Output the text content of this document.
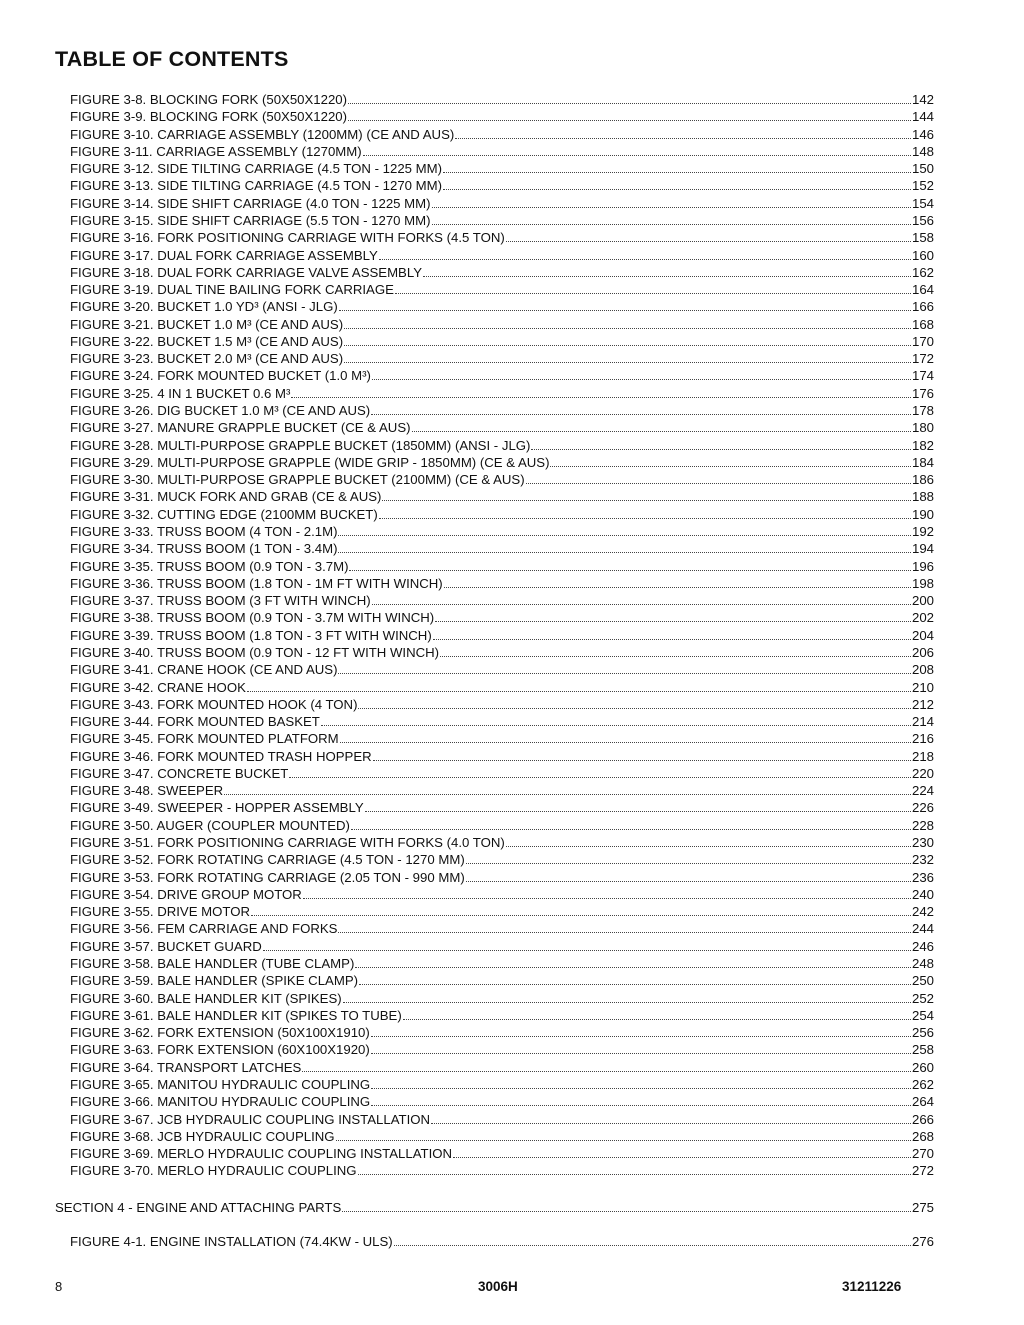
TABLE OF CONTENTS
FIGURE 3-8. BLOCKING FORK (50X50X1220)	142
FIGURE 3-9. BLOCKING FORK (50X50X1220)	144
FIGURE 3-10. CARRIAGE ASSEMBLY (1200MM) (CE AND AUS)	146
FIGURE 3-11. CARRIAGE ASSEMBLY (1270MM)	148
FIGURE 3-12. SIDE TILTING CARRIAGE (4.5 TON - 1225 MM)	150
FIGURE 3-13. SIDE TILTING CARRIAGE (4.5 TON - 1270 MM)	152
FIGURE 3-14. SIDE SHIFT CARRIAGE (4.0 TON - 1225 MM)	154
FIGURE 3-15. SIDE SHIFT CARRIAGE (5.5 TON - 1270 MM)	156
FIGURE 3-16. FORK POSITIONING CARRIAGE WITH FORKS (4.5 TON)	158
FIGURE 3-17. DUAL FORK CARRIAGE ASSEMBLY	160
FIGURE 3-18. DUAL FORK CARRIAGE VALVE ASSEMBLY	162
FIGURE 3-19. DUAL TINE BAILING FORK CARRIAGE	164
FIGURE 3-20. BUCKET 1.0 YD³ (ANSI - JLG)	166
FIGURE 3-21. BUCKET 1.0 M³ (CE AND AUS)	168
FIGURE 3-22. BUCKET 1.5 M³ (CE AND AUS)	170
FIGURE 3-23. BUCKET 2.0 M³ (CE AND AUS)	172
FIGURE 3-24. FORK MOUNTED BUCKET (1.0 M³)	174
FIGURE 3-25. 4 IN 1 BUCKET 0.6 M³	176
FIGURE 3-26. DIG BUCKET 1.0 M³ (CE AND AUS)	178
FIGURE 3-27. MANURE GRAPPLE BUCKET (CE & AUS)	180
FIGURE 3-28. MULTI-PURPOSE GRAPPLE BUCKET (1850MM) (ANSI - JLG)	182
FIGURE 3-29. MULTI-PURPOSE GRAPPLE (WIDE GRIP - 1850MM) (CE & AUS)	184
FIGURE 3-30. MULTI-PURPOSE GRAPPLE BUCKET (2100MM) (CE & AUS)	186
FIGURE 3-31. MUCK FORK AND GRAB (CE & AUS)	188
FIGURE 3-32. CUTTING EDGE (2100MM BUCKET)	190
FIGURE 3-33. TRUSS BOOM (4 TON - 2.1M)	192
FIGURE 3-34. TRUSS BOOM (1 TON - 3.4M)	194
FIGURE 3-35. TRUSS BOOM (0.9 TON - 3.7M)	196
FIGURE 3-36. TRUSS BOOM (1.8 TON - 1M FT WITH WINCH)	198
FIGURE 3-37. TRUSS BOOM (3 FT WITH WINCH)	200
FIGURE 3-38. TRUSS BOOM (0.9 TON - 3.7M WITH WINCH)	202
FIGURE 3-39. TRUSS BOOM (1.8 TON - 3 FT WITH WINCH)	204
FIGURE 3-40. TRUSS BOOM (0.9 TON - 12 FT WITH WINCH)	206
FIGURE 3-41. CRANE HOOK (CE AND AUS)	208
FIGURE 3-42. CRANE HOOK	210
FIGURE 3-43. FORK MOUNTED HOOK (4 TON)	212
FIGURE 3-44. FORK MOUNTED BASKET	214
FIGURE 3-45. FORK MOUNTED PLATFORM	216
FIGURE 3-46. FORK MOUNTED TRASH HOPPER	218
FIGURE 3-47. CONCRETE BUCKET	220
FIGURE 3-48. SWEEPER	224
FIGURE 3-49. SWEEPER - HOPPER ASSEMBLY	226
FIGURE 3-50. AUGER (COUPLER MOUNTED)	228
FIGURE 3-51. FORK POSITIONING CARRIAGE WITH FORKS (4.0 TON)	230
FIGURE 3-52. FORK ROTATING CARRIAGE (4.5 TON - 1270 MM)	232
FIGURE 3-53. FORK ROTATING CARRIAGE (2.05 TON - 990 MM)	236
FIGURE 3-54. DRIVE GROUP MOTOR	240
FIGURE 3-55. DRIVE MOTOR	242
FIGURE 3-56. FEM CARRIAGE AND FORKS	244
FIGURE 3-57. BUCKET GUARD	246
FIGURE 3-58. BALE HANDLER (TUBE CLAMP)	248
FIGURE 3-59. BALE HANDLER (SPIKE CLAMP)	250
FIGURE 3-60. BALE HANDLER KIT (SPIKES)	252
FIGURE 3-61. BALE HANDLER KIT (SPIKES TO TUBE)	254
FIGURE 3-62. FORK EXTENSION (50X100X1910)	256
FIGURE 3-63. FORK EXTENSION (60X100X1920)	258
FIGURE 3-64. TRANSPORT LATCHES	260
FIGURE 3-65. MANITOU HYDRAULIC COUPLING	262
FIGURE 3-66. MANITOU HYDRAULIC COUPLING	264
FIGURE 3-67. JCB HYDRAULIC COUPLING INSTALLATION	266
FIGURE 3-68. JCB HYDRAULIC COUPLING	268
FIGURE 3-69. MERLO HYDRAULIC COUPLING INSTALLATION	270
FIGURE 3-70. MERLO HYDRAULIC COUPLING	272
SECTION 4 - ENGINE AND ATTACHING PARTS	275
FIGURE 4-1. ENGINE INSTALLATION (74.4KW - ULS)	276
8	3006H	31211226
